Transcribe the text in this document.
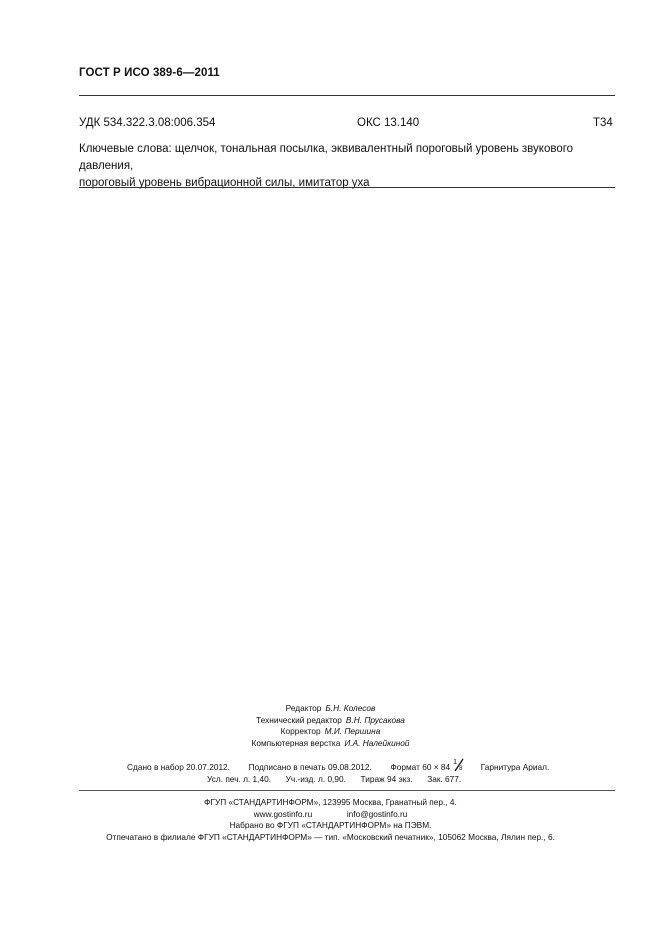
ГОСТ Р ИСО 389-6—2011
УДК 534.322.3.08:006.354	ОКС 13.140	Т34
Ключевые слова: щелчок, тональная посылка, эквивалентный пороговый уровень звукового давления,
пороговый уровень вибрационной силы, имитатор уха
Редактор Б.Н. Колесов
Технический редактор В.Н. Прусакова
Корректор М.И. Першина
Компьютерная верстка И.А. Налейкиной
Сдано в набор 20.07.2012. Подписано в печать 09.08.2012. Формат 60 × 84 1
8 Гарнитура Ариал.
Усл. печ. л. 1,40. Уч.-изд. л. 0,90. Тираж 94 экз. Зак. 677.
ФГУП «СТАНДАРТИНФОРМ», 123995 Москва, Гранатный пер., 4.
www.gostinfo.ru	info@gostinfo.ru
Набрано во ФГУП «СТАНДАРТИНФОРМ» на ПЭВМ.
Отпечатано в филиале ФГУП «СТАНДАРТИНФОРМ» — тип. «Московский печатник», 105062 Москва, Лялин пер., 6.
